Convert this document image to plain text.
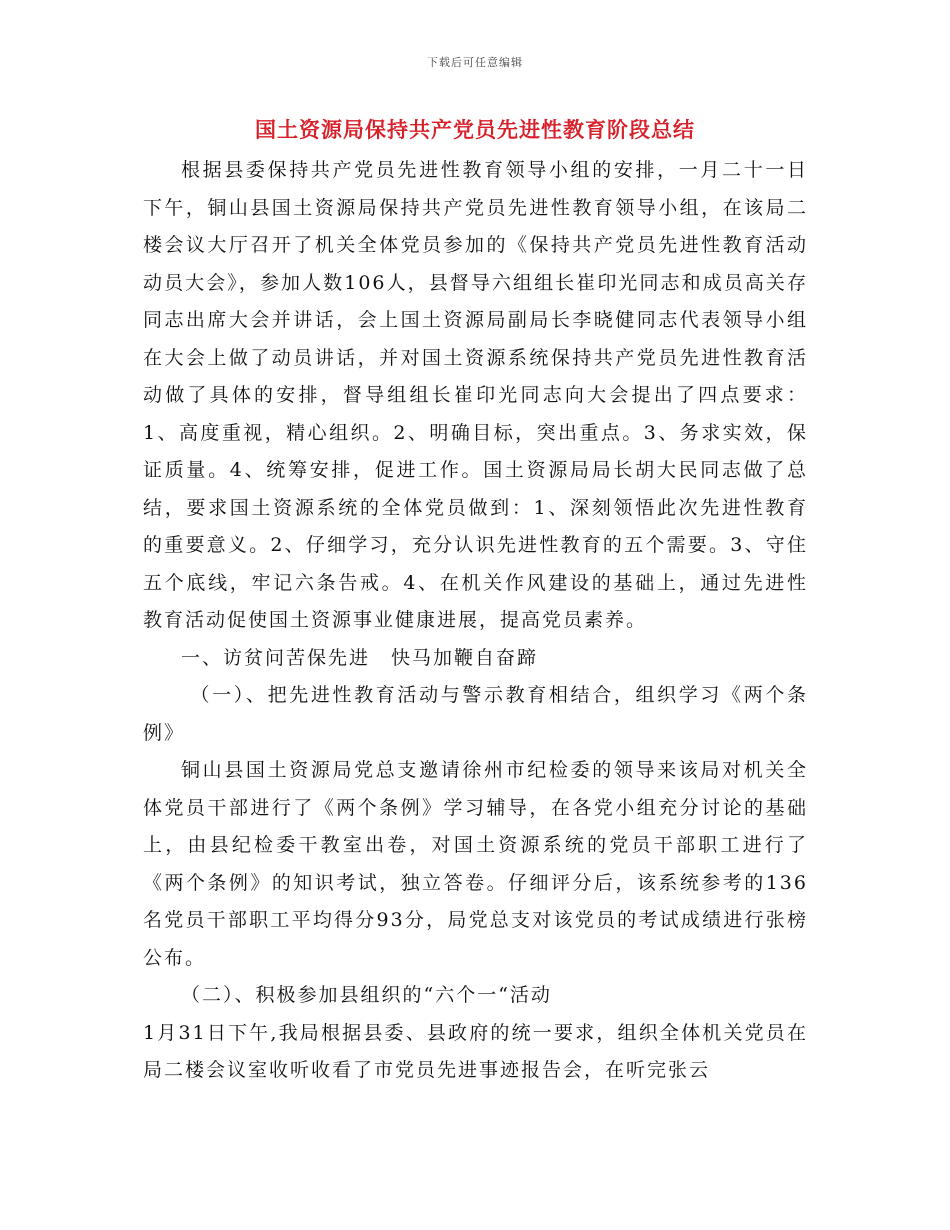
下载后可任意编辑
国土资源局保持共产党员先进性教育阶段总结

根据县委保持共产党员先进性教育领导小组的安排，一月二十一日下午，铜山县国土资源局保持共产党员先进性教育领导小组，在该局二楼会议大厅召开了机关全体党员参加的《保持共产党员先进性教育活动动员大会》，参加人数106人，县督导六组组长崔印光同志和成员高关存同志出席大会并讲话，会上国土资源局副局长李晓健同志代表领导小组在大会上做了动员讲话，并对国土资源系统保持共产党员先进性教育活动做了具体的安排，督导组组长崔印光同志向大会提出了四点要求：1、高度重视，精心组织。2、明确目标，突出重点。3、务求实效，保证质量。4、统筹安排，促进工作。国土资源局局长胡大民同志做了总结，要求国土资源系统的全体党员做到：1、深刻领悟此次先进性教育的重要意义。2、仔细学习，充分认识先进性教育的五个需要。3、守住五个底线，牢记六条告戒。4、在机关作风建设的基础上，通过先进性教育活动促使国土资源事业健康进展，提高党员素养。

一、访贫问苦保先进　快马加鞭自奋蹄

（一）、把先进性教育活动与警示教育相结合，组织学习《两个条例》

铜山县国土资源局党总支邀请徐州市纪检委的领导来该局对机关全体党员干部进行了《两个条例》学习辅导，在各党小组充分讨论的基础上，由县纪检委干教室出卷，对国土资源系统的党员干部职工进行了《两个条例》的知识考试，独立答卷。仔细评分后，该系统参考的136名党员干部职工平均得分93分，局党总支对该党员的考试成绩进行张榜公布。

（二）、积极参加县组织的“六个一“活动

1月31日下午,我局根据县委、县政府的统一要求，组织全体机关党员在局二楼会议室收听收看了市党员先进事迹报告会，在听完张云
